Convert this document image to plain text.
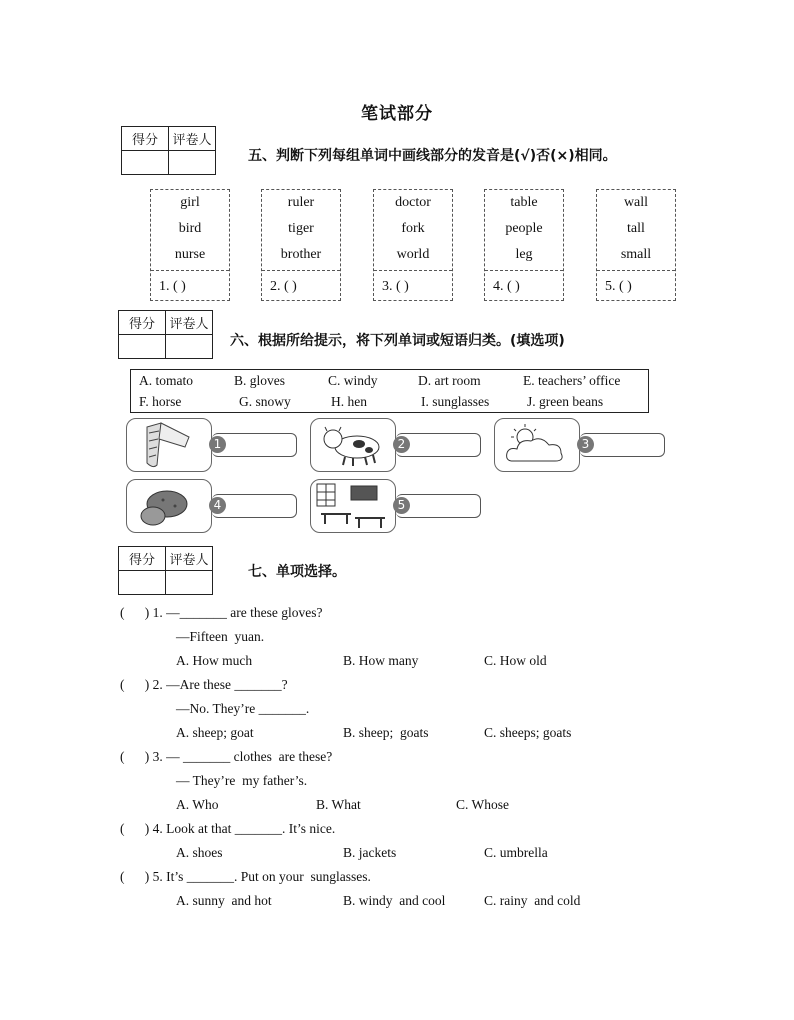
笔试部分
得分	评卷人

五、判断下列每组单词中画线部分的发音是(√)否(×)相同。
girl
bird
nurse
1. ( )
ruler
tiger
brother
2. ( )
doctor
fork
world
3. ( )
table
people
leg
4. ( )
wall
tall
small
5. ( )
得分	评卷人

六、根据所给提示，将下列单词或短语归类。(填选项)
A. tomato	B. gloves	C. windy	D. art room	E. teachers’ office
F. horse	G. snowy	H. hen	I. sunglasses	J. green beans
1	2	3
4	5
得分	评卷人

七、单项选择。
(      ) 1. —_______ are these gloves?
—Fifteen  yuan.
A. How much	B. How many	C. How old
(      ) 2. —Are these _______?
—No. They’re _______.
A. sheep; goat	B. sheep;  goats	C. sheeps; goats
(      ) 3. — _______ clothes  are these?
— They’re  my father’s.
A. Who	B. What	C. Whose
(      ) 4. Look at that _______. It’s nice.
A. shoes	B. jackets	C. umbrella
(      ) 5. It’s _______. Put on your  sunglasses.
A. sunny  and hot	B. windy  and cool	C. rainy  and cold
